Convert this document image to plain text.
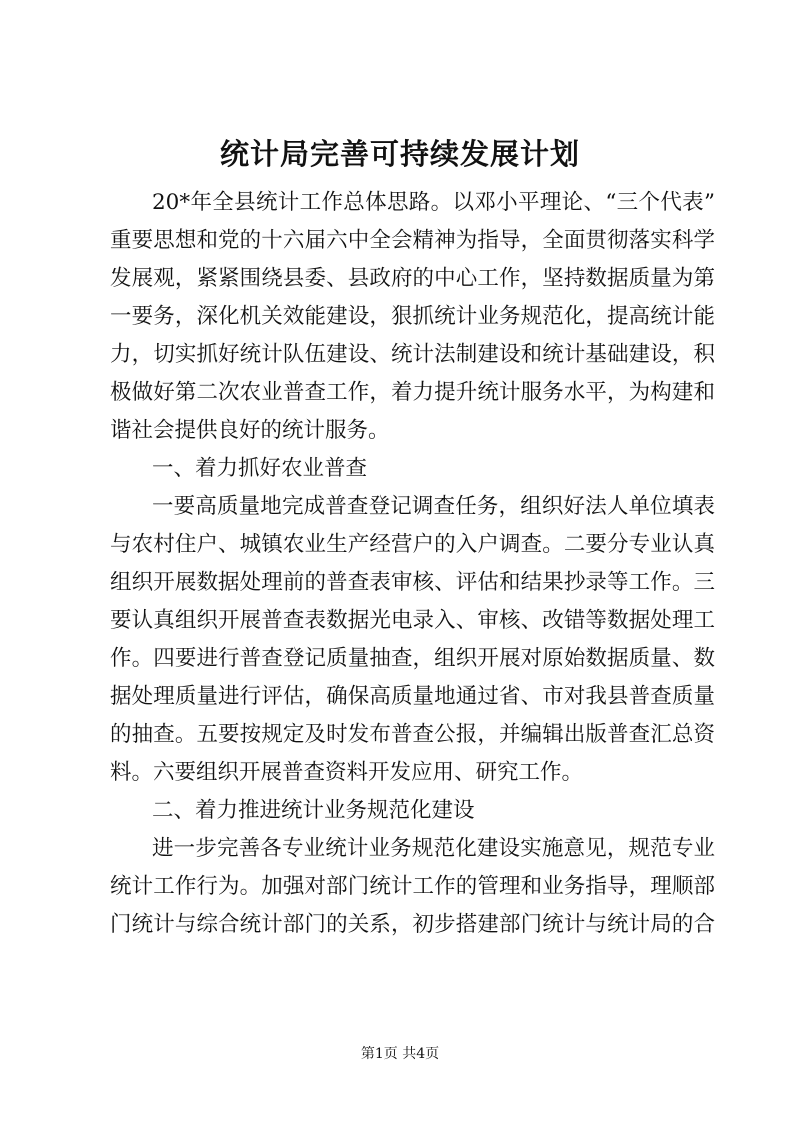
统计局完善可持续发展计划
20*年全县统计工作总体思路。以邓小平理论、“三个代表”
重要思想和党的十六届六中全会精神为指导，全面贯彻落实科学
发展观，紧紧围绕县委、县政府的中心工作，坚持数据质量为第
一要务，深化机关效能建设，狠抓统计业务规范化，提高统计能
力，切实抓好统计队伍建设、统计法制建设和统计基础建设，积
极做好第二次农业普查工作，着力提升统计服务水平，为构建和
谐社会提供良好的统计服务。
一、着力抓好农业普查
一要高质量地完成普查登记调查任务，组织好法人单位填表
与农村住户、城镇农业生产经营户的入户调查。二要分专业认真
组织开展数据处理前的普查表审核、评估和结果抄录等工作。三
要认真组织开展普查表数据光电录入、审核、改错等数据处理工
作。四要进行普查登记质量抽查，组织开展对原始数据质量、数
据处理质量进行评估，确保高质量地通过省、市对我县普查质量
的抽查。五要按规定及时发布普查公报，并编辑出版普查汇总资
料。六要组织开展普查资料开发应用、研究工作。
二、着力推进统计业务规范化建设
进一步完善各专业统计业务规范化建设实施意见，规范专业
统计工作行为。加强对部门统计工作的管理和业务指导，理顺部
门统计与综合统计部门的关系，初步搭建部门统计与统计局的合
第1页 共4页
